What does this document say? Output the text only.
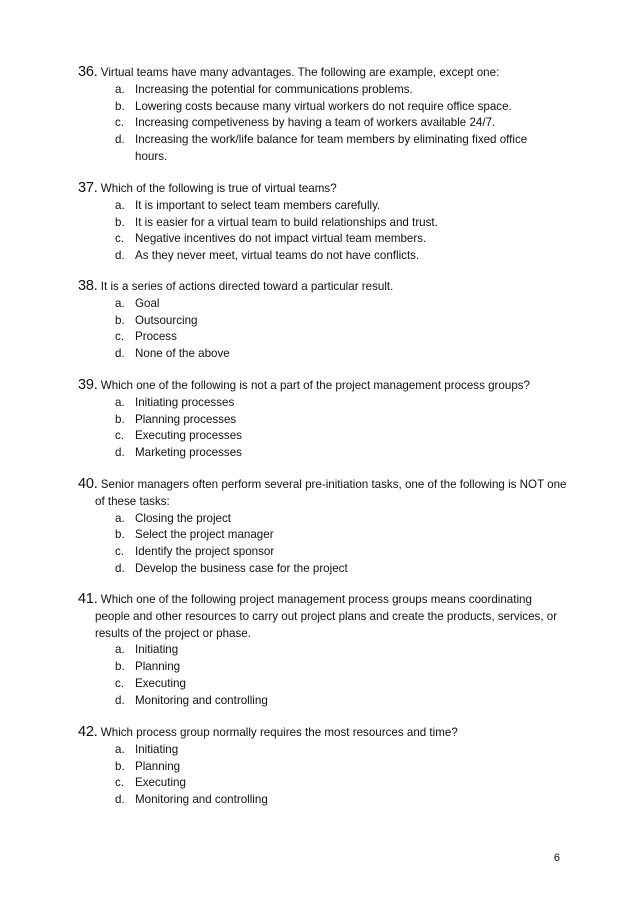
36. Virtual teams have many advantages. The following are example, except one:

a. Increasing the potential for communications problems.
b. Lowering costs because many virtual workers do not require office space.
c. Increasing competiveness by having a team of workers available 24/7.
d. Increasing the work/life balance for team members by eliminating fixed office hours.

37. Which of the following is true of virtual teams?

a. It is important to select team members carefully.
b. It is easier for a virtual team to build relationships and trust.
c. Negative incentives do not impact virtual team members.
d. As they never meet, virtual teams do not have conflicts.

38. It is a series of actions directed toward a particular result.

a. Goal
b. Outsourcing
c. Process
d. None of the above

39. Which one of the following is not a part of the project management process groups?

a. Initiating processes
b. Planning processes
c. Executing processes
d. Marketing processes

40. Senior managers often perform several pre-initiation tasks, one of the following is NOT one of these tasks:

a. Closing the project
b. Select the project manager
c. Identify the project sponsor
d. Develop the business case for the project

41. Which one of the following project management process groups means coordinating people and other resources to carry out project plans and create the products, services, or results of the project or phase.

a. Initiating
b. Planning
c. Executing
d. Monitoring and controlling

42. Which process group normally requires the most resources and time?

a. Initiating
b. Planning
c. Executing
d. Monitoring and controlling
6
